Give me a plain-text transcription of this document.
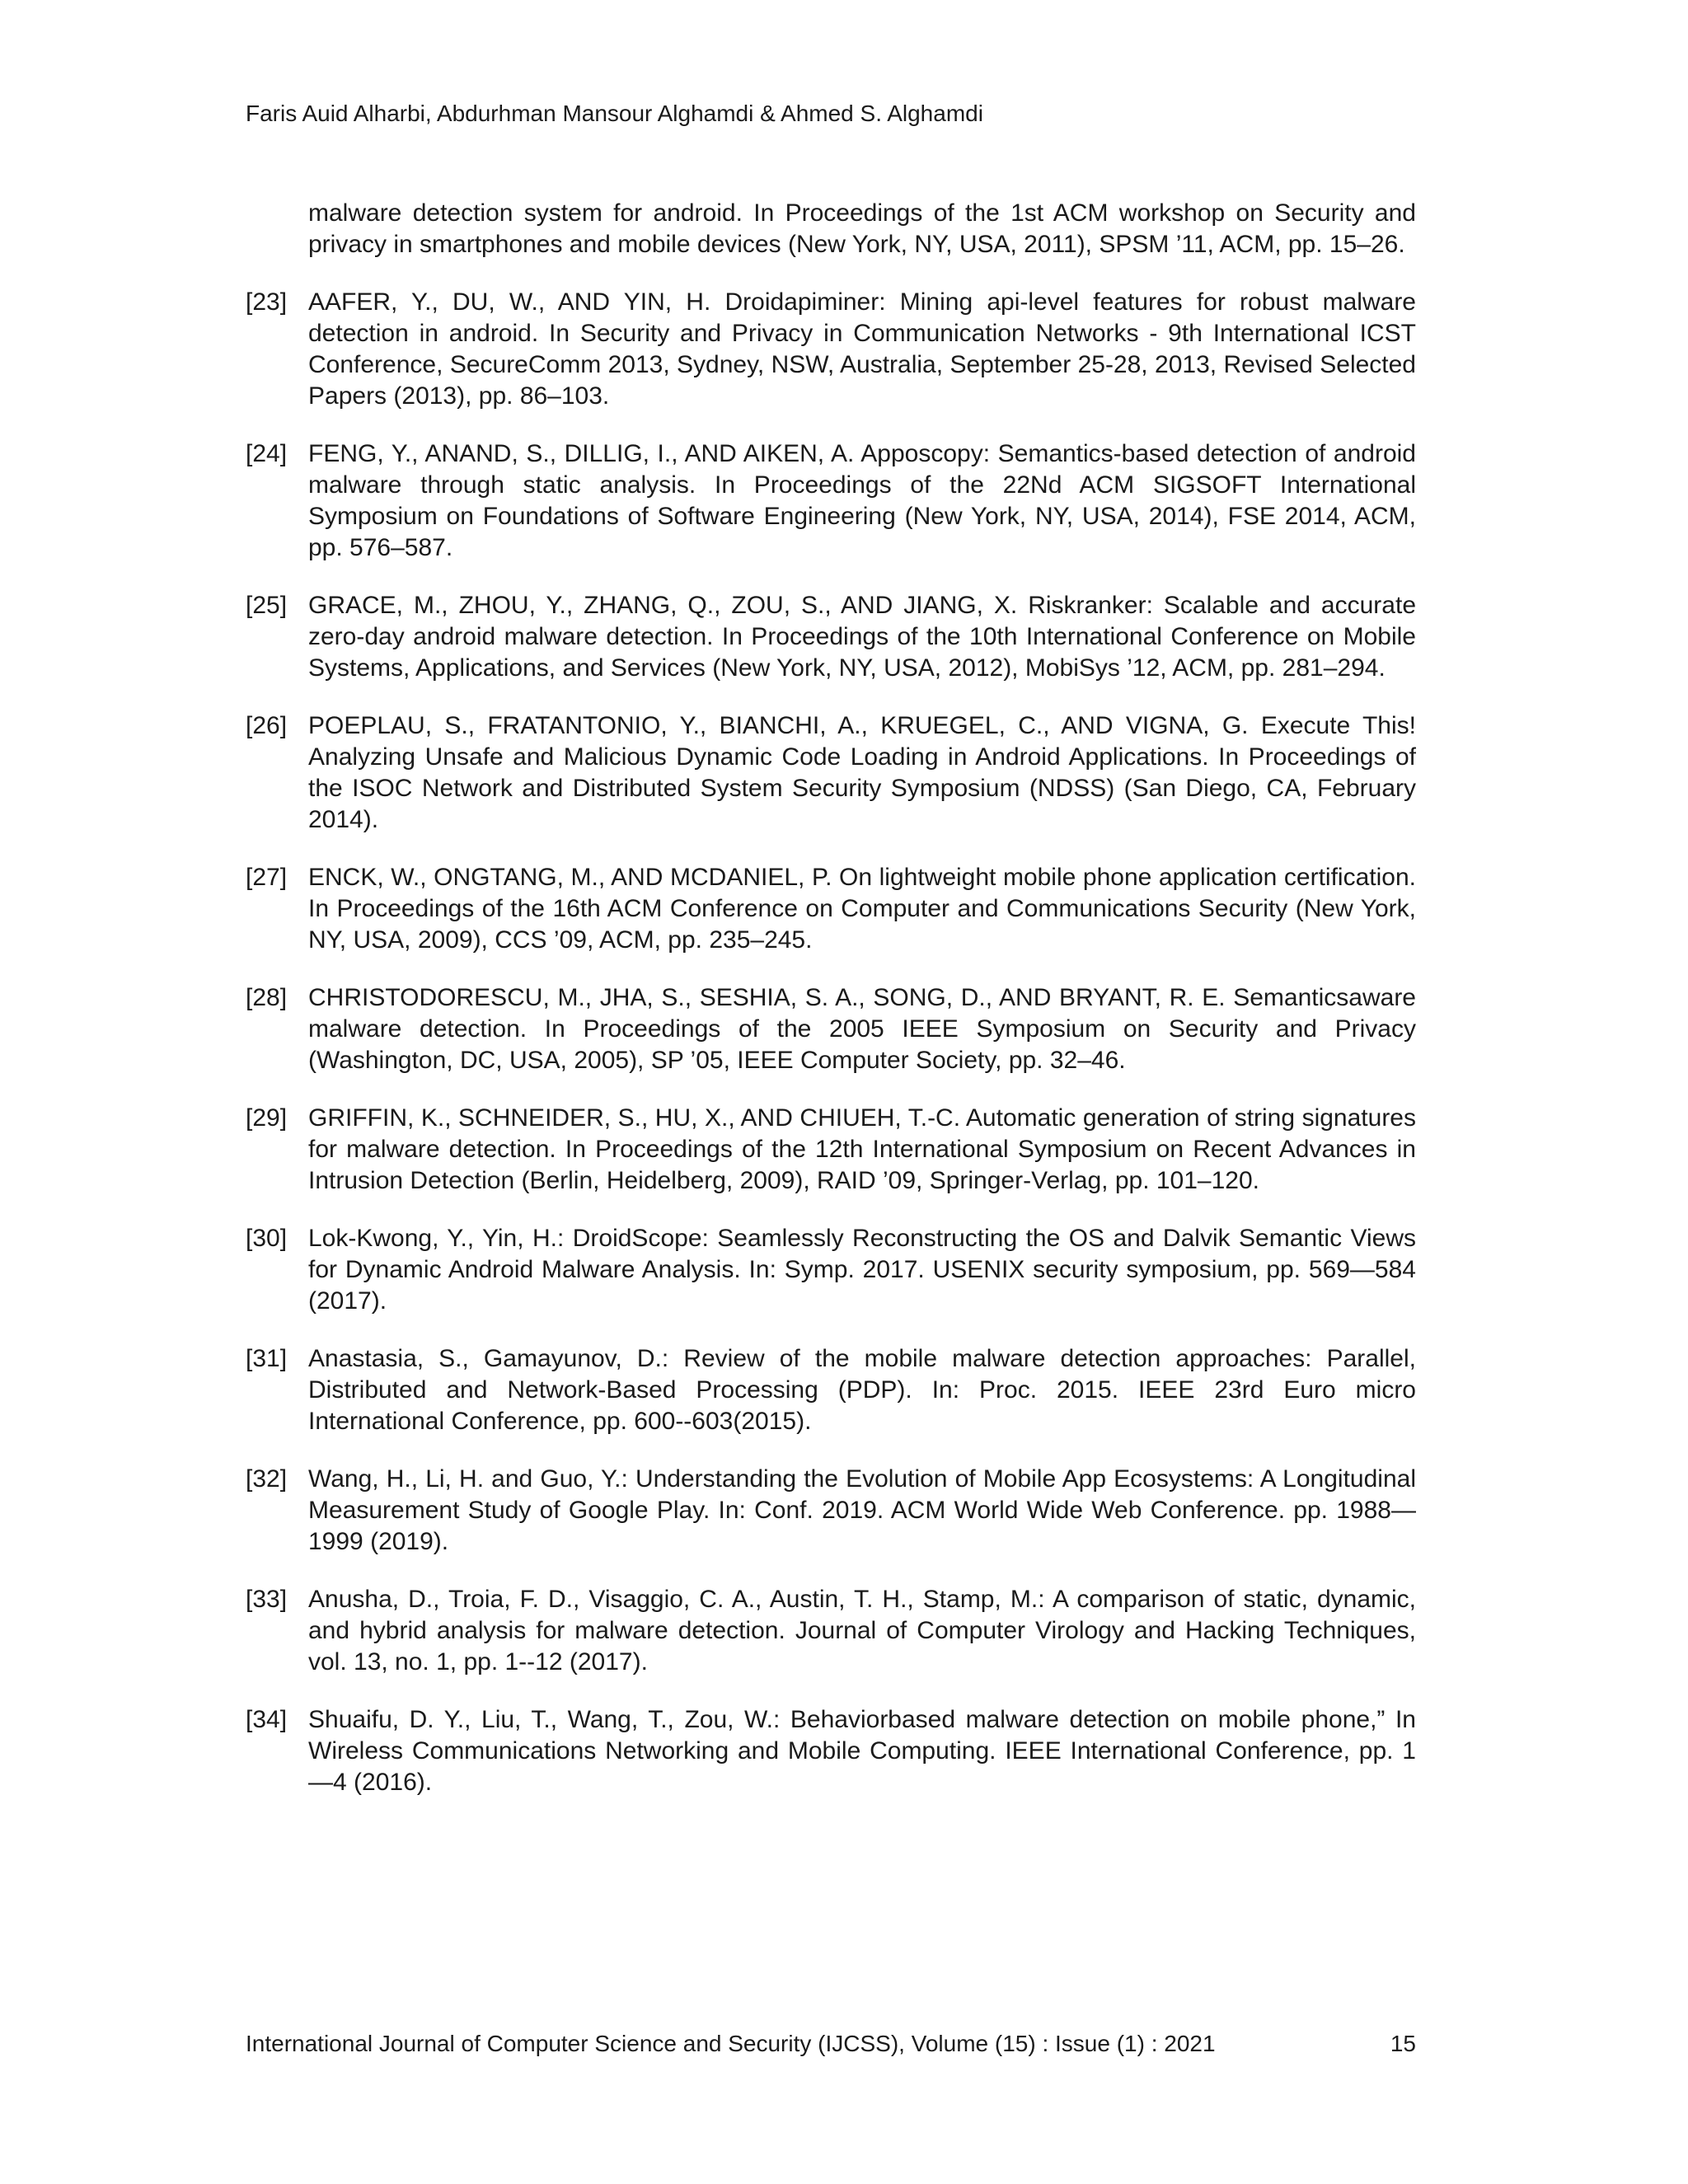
Faris Auid Alharbi, Abdurhman Mansour Alghamdi & Ahmed S. Alghamdi
malware detection system for android. In Proceedings of the 1st ACM workshop on Security and privacy in smartphones and mobile devices (New York, NY, USA, 2011), SPSM ’11, ACM, pp. 15–26.
[23] AAFER, Y., DU, W., AND YIN, H. Droidapiminer: Mining api-level features for robust malware detection in android. In Security and Privacy in Communication Networks - 9th International ICST Conference, SecureComm 2013, Sydney, NSW, Australia, September 25-28, 2013, Revised Selected Papers (2013), pp. 86–103.
[24] FENG, Y., ANAND, S., DILLIG, I., AND AIKEN, A. Apposcopy: Semantics-based detection of android malware through static analysis. In Proceedings of the 22Nd ACM SIGSOFT International Symposium on Foundations of Software Engineering (New York, NY, USA, 2014), FSE 2014, ACM, pp. 576–587.
[25] GRACE, M., ZHOU, Y., ZHANG, Q., ZOU, S., AND JIANG, X. Riskranker: Scalable and accurate zero-day android malware detection. In Proceedings of the 10th International Conference on Mobile Systems, Applications, and Services (New York, NY, USA, 2012), MobiSys ’12, ACM, pp. 281–294.
[26] POEPLAU, S., FRATANTONIO, Y., BIANCHI, A., KRUEGEL, C., AND VIGNA, G. Execute This! Analyzing Unsafe and Malicious Dynamic Code Loading in Android Applications. In Proceedings of the ISOC Network and Distributed System Security Symposium (NDSS) (San Diego, CA, February 2014).
[27] ENCK, W., ONGTANG, M., AND MCDANIEL, P. On lightweight mobile phone application certification. In Proceedings of the 16th ACM Conference on Computer and Communications Security (New York, NY, USA, 2009), CCS ’09, ACM, pp. 235–245.
[28] CHRISTODORESCU, M., JHA, S., SESHIA, S. A., SONG, D., AND BRYANT, R. E. Semanticsaware malware detection. In Proceedings of the 2005 IEEE Symposium on Security and Privacy (Washington, DC, USA, 2005), SP ’05, IEEE Computer Society, pp. 32–46.
[29] GRIFFIN, K., SCHNEIDER, S., HU, X., AND CHIUEH, T.-C. Automatic generation of string signatures for malware detection. In Proceedings of the 12th International Symposium on Recent Advances in Intrusion Detection (Berlin, Heidelberg, 2009), RAID ’09, Springer-Verlag, pp. 101–120.
[30] Lok-Kwong, Y., Yin, H.: DroidScope: Seamlessly Reconstructing the OS and Dalvik Semantic Views for Dynamic Android Malware Analysis. In: Symp. 2017. USENIX security symposium, pp. 569—584 (2017).
[31] Anastasia, S., Gamayunov, D.: Review of the mobile malware detection approaches: Parallel, Distributed and Network-Based Processing (PDP). In: Proc. 2015. IEEE 23rd Euro micro International Conference, pp. 600--603(2015).
[32] Wang, H., Li, H. and Guo, Y.: Understanding the Evolution of Mobile App Ecosystems: A Longitudinal Measurement Study of Google Play. In: Conf. 2019. ACM World Wide Web Conference. pp. 1988—1999 (2019).
[33] Anusha, D., Troia, F. D., Visaggio, C. A., Austin, T. H., Stamp, M.: A comparison of static, dynamic, and hybrid analysis for malware detection. Journal of Computer Virology and Hacking Techniques, vol. 13, no. 1, pp. 1--12 (2017).
[34] Shuaifu, D. Y., Liu, T., Wang, T., Zou, W.: Behaviorbased malware detection on mobile phone,” In Wireless Communications Networking and Mobile Computing. IEEE International Conference, pp. 1—4 (2016).
International Journal of Computer Science and Security (IJCSS), Volume (15) : Issue (1) : 2021	15
